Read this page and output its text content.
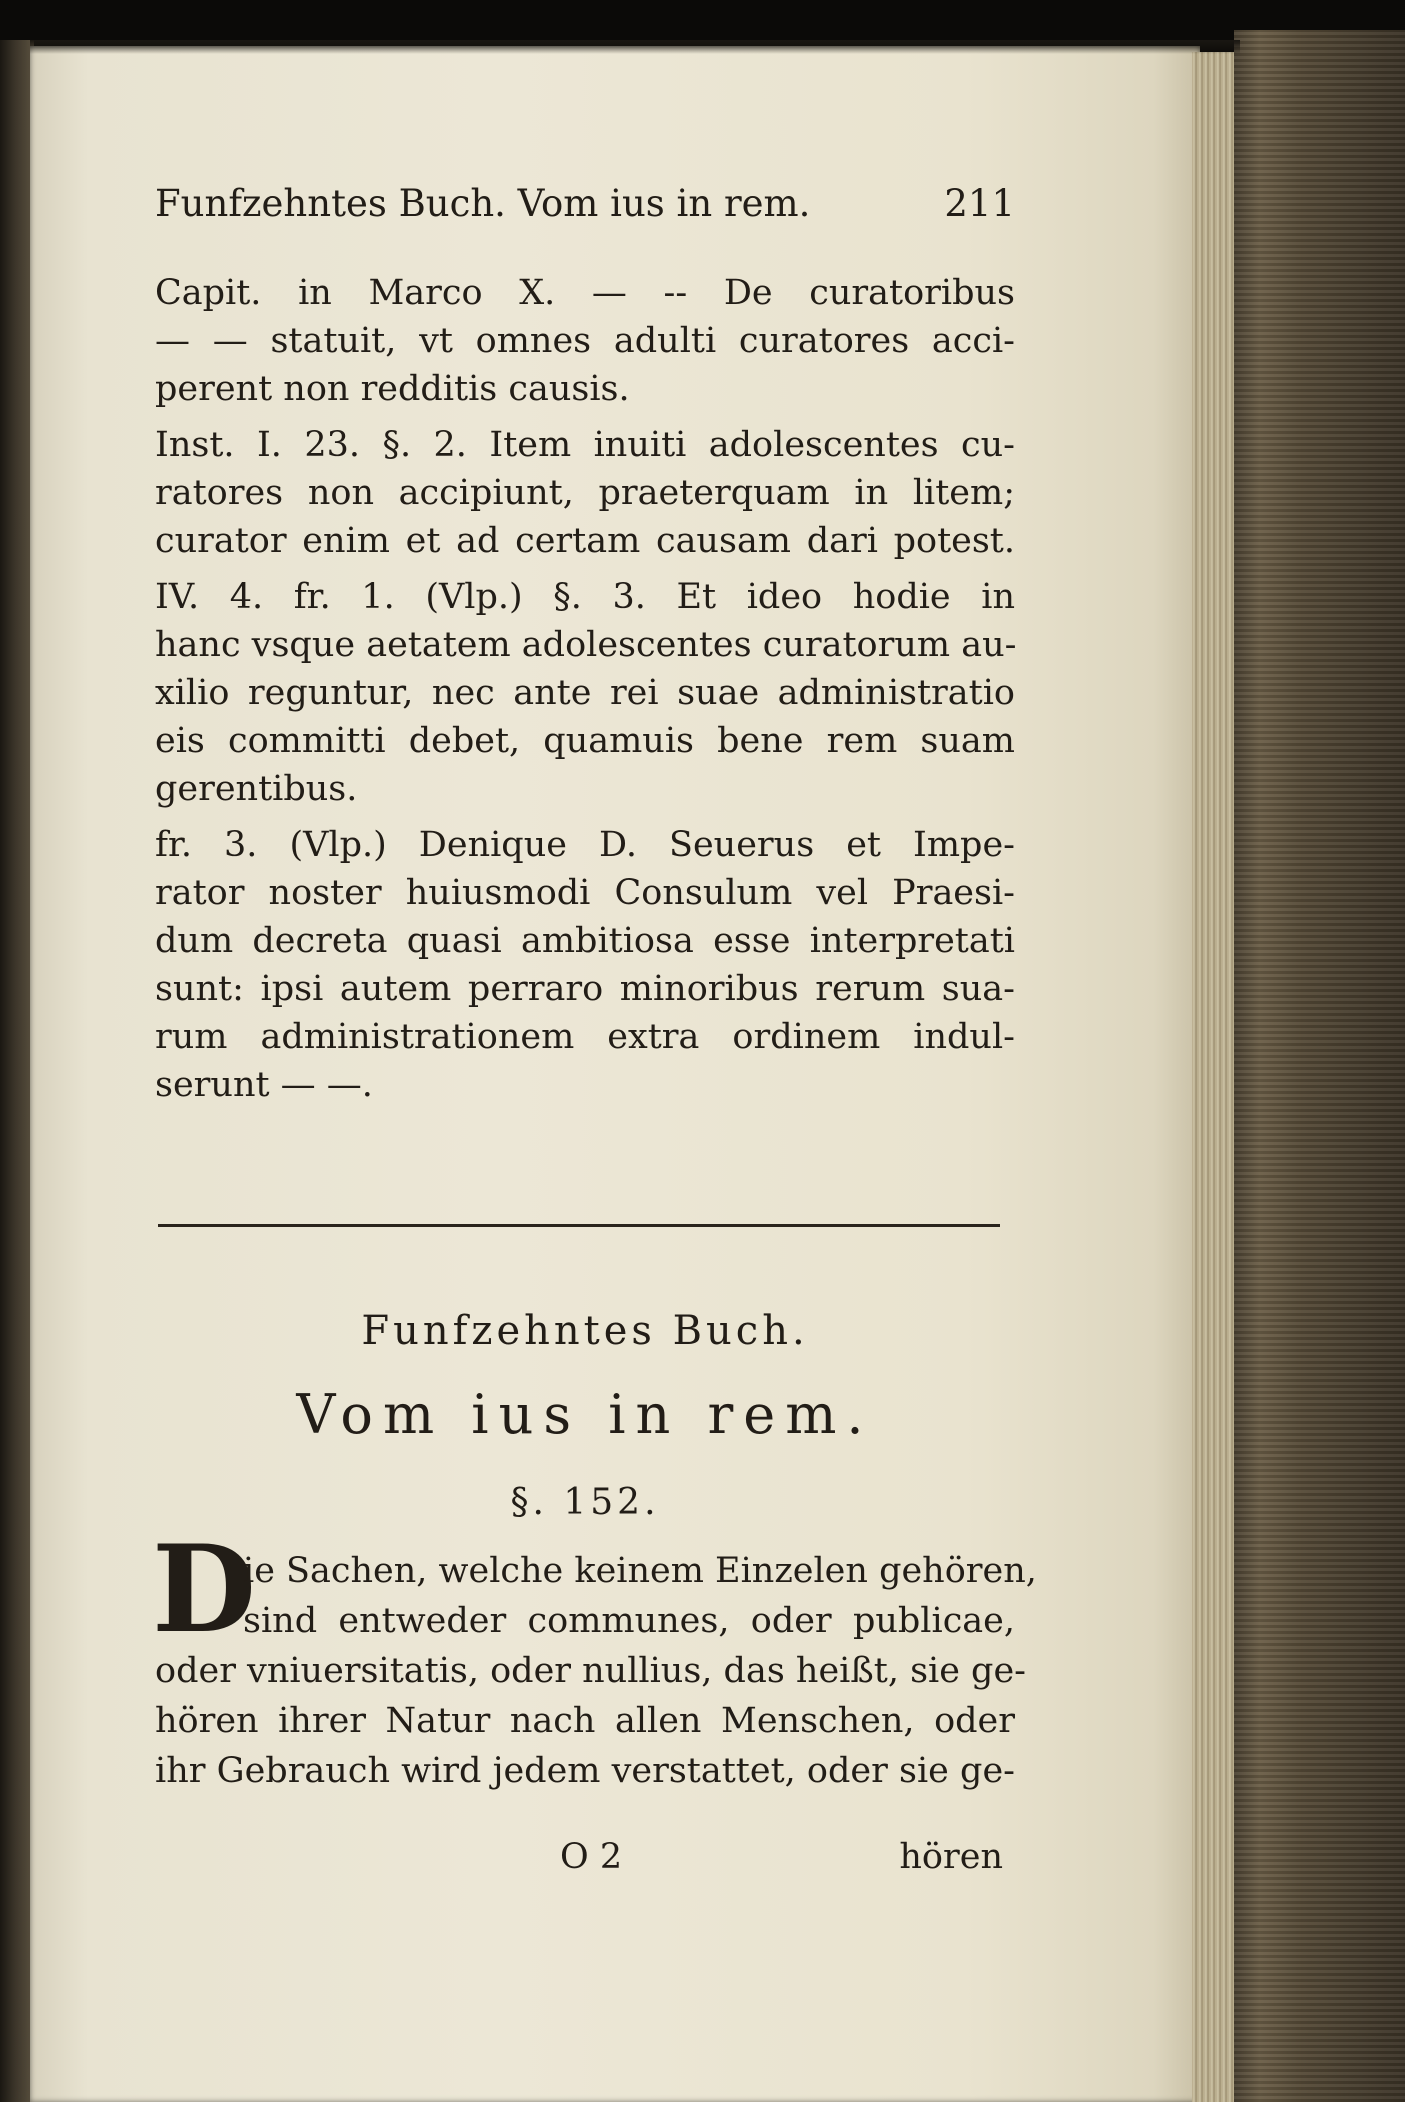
Funfzehntes Buch. Vom ius in rem.	211
Capit. in Marco X. — -- De curatoribus
— — statuit, vt omnes adulti curatores acci-
perent non redditis causis.
Inst. I. 23. §. 2. Item inuiti adolescentes cu-
ratores non accipiunt, praeterquam in litem;
curator enim et ad certam causam dari potest.
IV. 4. fr. 1. (Vlp.) §. 3. Et ideo hodie in
hanc vsque aetatem adolescentes curatorum au-
xilio reguntur, nec ante rei suae administratio
eis committi debet, quamuis bene rem suam
gerentibus.
fr. 3. (Vlp.) Denique D. Seuerus et Impe-
rator noster huiusmodi Consulum vel Praesi-
dum decreta quasi ambitiosa esse interpretati
sunt: ipsi autem perraro minoribus rerum sua-
rum administrationem extra ordinem indul-
serunt — —.
Funfzehntes Buch.
Vom ius in rem.
§. 152.
D
ie Sachen, welche keinem Einzelen gehören,
sind entweder communes, oder publicae,
oder vniuersitatis, oder nullius, das heißt, sie ge-
hören ihrer Natur nach allen Menschen, oder
ihr Gebrauch wird jedem verstattet, oder sie ge-
O 2	hören
